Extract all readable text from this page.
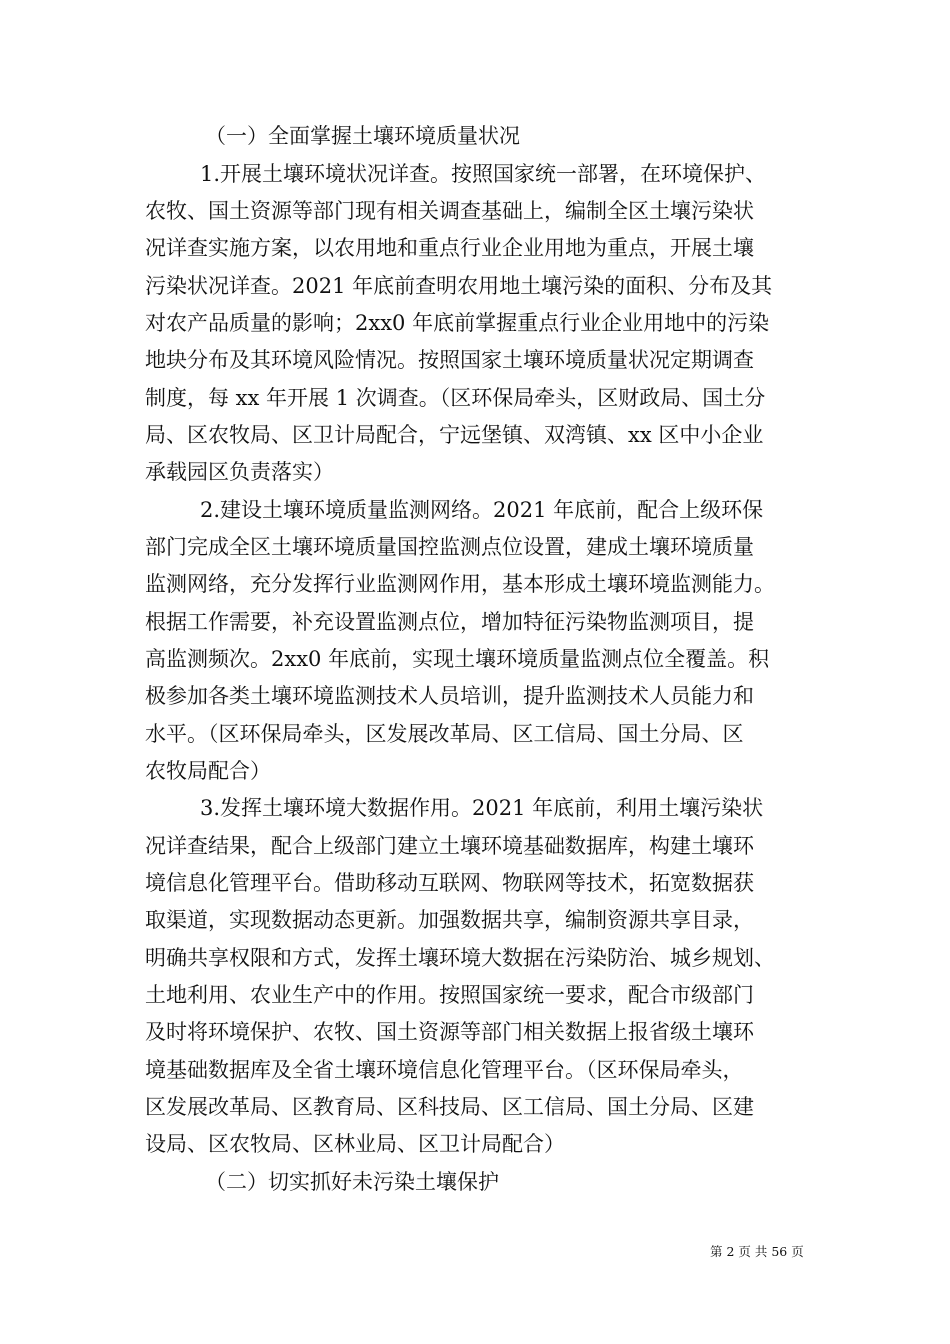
（一）全面掌握土壤环境质量状况

1.开展土壤环境状况详查。按照国家统一部署，在环境保护、

农牧、国土资源等部门现有相关调查基础上，编制全区土壤污染状

况详查实施方案，以农用地和重点行业企业用地为重点，开展土壤

污染状况详查。2021 年底前查明农用地土壤污染的面积、分布及其

对农产品质量的影响；2xx0 年底前掌握重点行业企业用地中的污染

地块分布及其环境风险情况。按照国家土壤环境质量状况定期调查

制度，每 xx 年开展 1 次调查。（区环保局牵头，区财政局、国土分

局、区农牧局、区卫计局配合，宁远堡镇、双湾镇、xx 区中小企业

承载园区负责落实）

2.建设土壤环境质量监测网络。2021 年底前，配合上级环保

部门完成全区土壤环境质量国控监测点位设置，建成土壤环境质量

监测网络，充分发挥行业监测网作用，基本形成土壤环境监测能力。

根据工作需要，补充设置监测点位，增加特征污染物监测项目，提

高监测频次。2xx0 年底前，实现土壤环境质量监测点位全覆盖。积

极参加各类土壤环境监测技术人员培训，提升监测技术人员能力和

水平。（区环保局牵头，区发展改革局、区工信局、国土分局、区

农牧局配合）

3.发挥土壤环境大数据作用。2021 年底前，利用土壤污染状

况详查结果，配合上级部门建立土壤环境基础数据库，构建土壤环

境信息化管理平台。借助移动互联网、物联网等技术，拓宽数据获

取渠道，实现数据动态更新。加强数据共享，编制资源共享目录，

明确共享权限和方式，发挥土壤环境大数据在污染防治、城乡规划、

土地利用、农业生产中的作用。按照国家统一要求，配合市级部门

及时将环境保护、农牧、国土资源等部门相关数据上报省级土壤环

境基础数据库及全省土壤环境信息化管理平台。（区环保局牵头，

区发展改革局、区教育局、区科技局、区工信局、国土分局、区建

设局、区农牧局、区林业局、区卫计局配合）

（二）切实抓好未污染土壤保护

第 2 页 共 56 页
